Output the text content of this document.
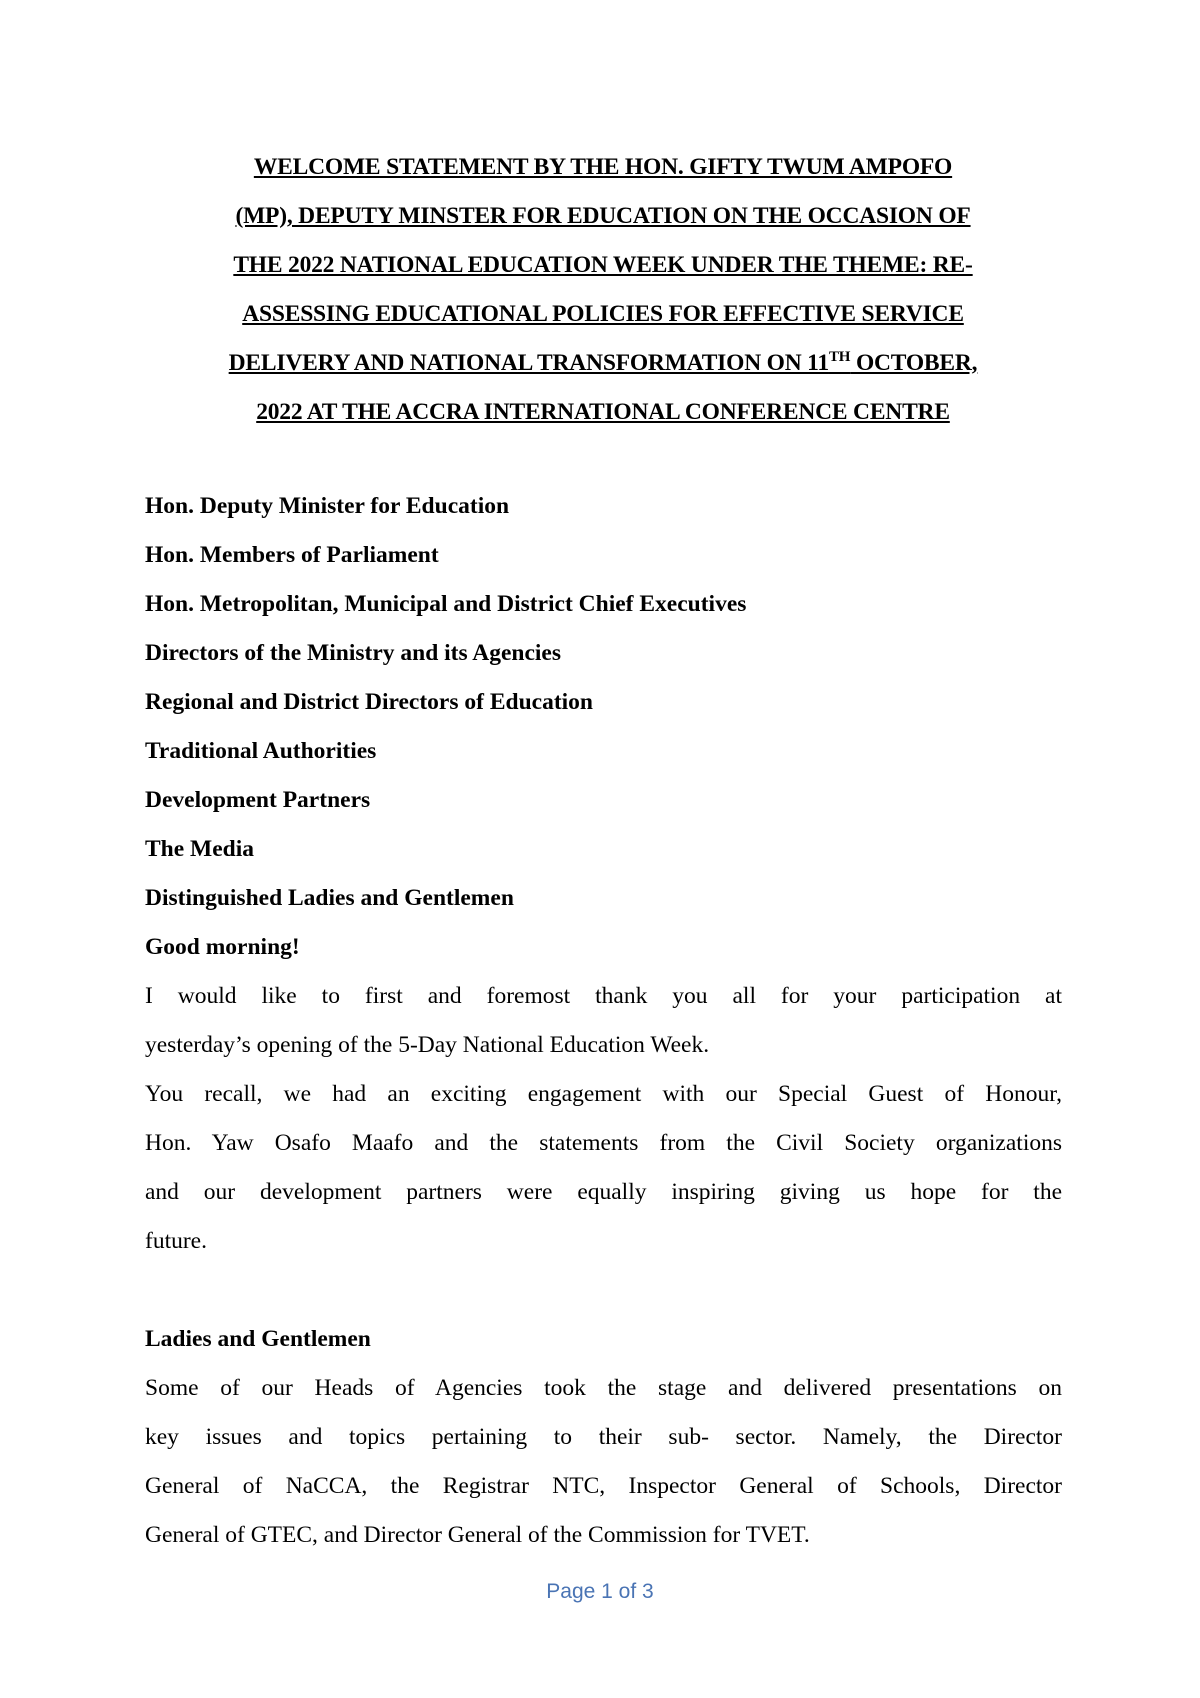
WELCOME STATEMENT BY THE HON. GIFTY TWUM AMPOFO
(MP), DEPUTY MINSTER FOR EDUCATION ON THE OCCASION OF
THE 2022 NATIONAL EDUCATION WEEK UNDER THE THEME: RE-
ASSESSING EDUCATIONAL POLICIES FOR EFFECTIVE SERVICE
DELIVERY AND NATIONAL TRANSFORMATION ON 11TH OCTOBER,
2022 AT THE ACCRA INTERNATIONAL CONFERENCE CENTRE
Hon. Deputy Minister for Education
Hon. Members of Parliament
Hon. Metropolitan, Municipal and District Chief Executives
Directors of the Ministry and its Agencies
Regional and District Directors of Education
Traditional Authorities
Development Partners
The Media
Distinguished Ladies and Gentlemen
Good morning!
I would like to first and foremost thank you all for your participation at
yesterday’s opening of the 5-Day National Education Week.
You recall, we had an exciting engagement with our Special Guest of Honour,
Hon. Yaw Osafo Maafo and the statements from the Civil Society organizations
and our development partners were equally inspiring giving us hope for the
future.
Ladies and Gentlemen
Some of our Heads of Agencies took the stage and delivered presentations on
key issues and topics pertaining to their sub- sector. Namely, the Director
General of NaCCA, the Registrar NTC, Inspector General of Schools, Director
General of GTEC, and Director General of the Commission for TVET.
Page 1 of 3
